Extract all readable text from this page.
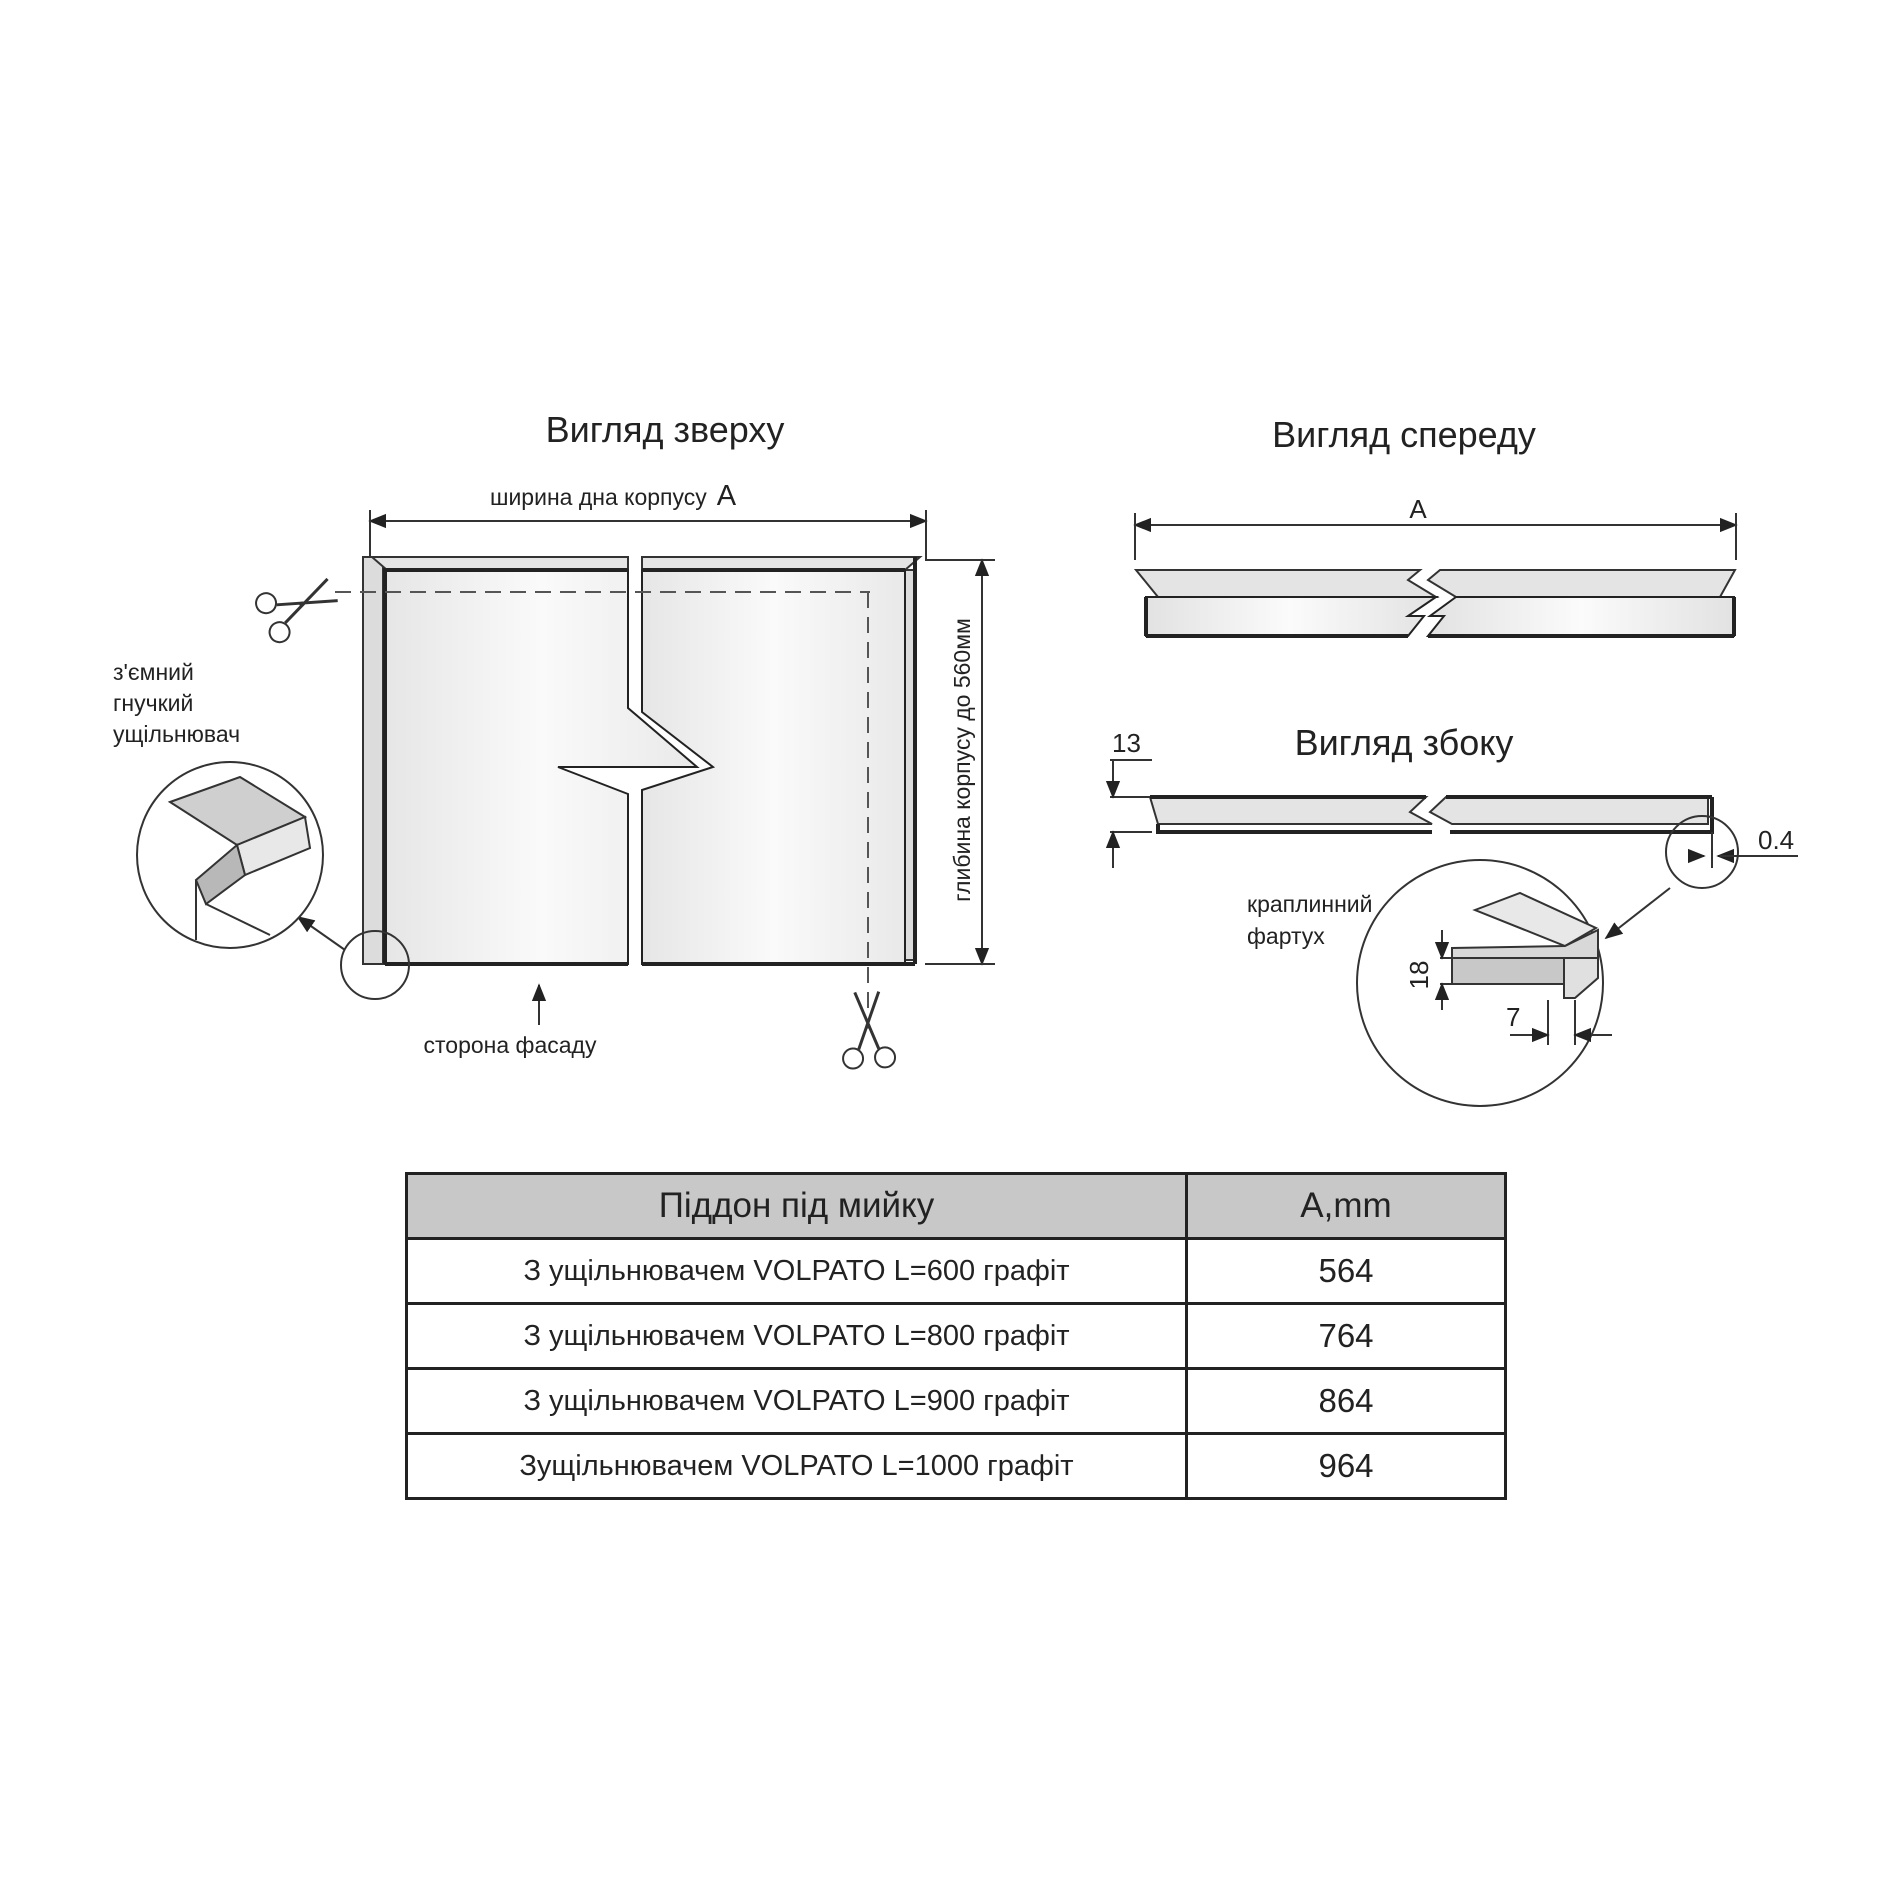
Вигляд зверху
ширина дна корпусу A
глибина корпусу до 560мм
сторона фасаду
з'ємний гнучкий ущільнювач
Вигляд спереду
A
Вигляд збоку
13
0.4
краплинний фартух
18
7
Піддон під мийку	A,mm
З ущільнювачем VOLPATO L=600 графіт	564
З ущільнювачем VOLPATO L=800 графіт	764
З ущільнювачем VOLPATO L=900 графіт	864
Зущільнювачем VOLPATO L=1000 графіт	964
